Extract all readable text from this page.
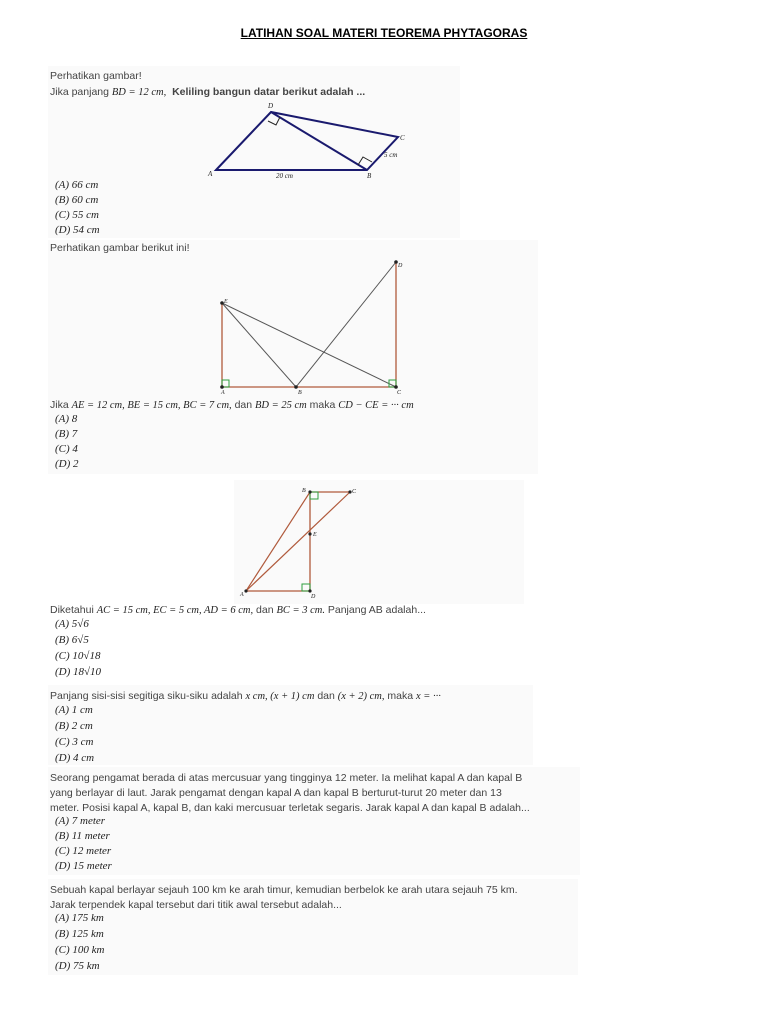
LATIHAN SOAL MATERI TEOREMA PHYTAGORAS
Perhatikan gambar!
Jika panjang BD = 12 cm, Keliling bangun datar berikut adalah ...
D
C
A	B
20 cm
5 cm
(A) 66 cm
(B) 60 cm
(C) 55 cm
(D) 54 cm
Perhatikan gambar berikut ini!
E
A	B	C
D
Jika AE = 12 cm, BE = 15 cm, BC = 7 cm, dan BD = 25 cm maka CD − CE = ··· cm
(A) 8
(B) 7
(C) 4
(D) 2
B	C
E
A	D
Diketahui AC = 15 cm, EC = 5 cm, AD = 6 cm, dan BC = 3 cm. Panjang AB adalah...
(A) 5√6
(B) 6√5
(C) 10√18
(D) 18√10
Panjang sisi-sisi segitiga siku-siku adalah x cm, (x + 1) cm dan (x + 2) cm, maka x = ···
(A) 1 cm
(B) 2 cm
(C) 3 cm
(D) 4 cm
Seorang pengamat berada di atas mercusuar yang tingginya 12 meter. Ia melihat kapal A dan kapal B
yang berlayar di laut. Jarak pengamat dengan kapal A dan kapal B berturut-turut 20 meter dan 13
meter. Posisi kapal A, kapal B, dan kaki mercusuar terletak segaris. Jarak kapal A dan kapal B adalah...
(A) 7 meter
(B) 11 meter
(C) 12 meter
(D) 15 meter
Sebuah kapal berlayar sejauh 100 km ke arah timur, kemudian berbelok ke arah utara sejauh 75 km.
Jarak terpendek kapal tersebut dari titik awal tersebut adalah...
(A) 175 km
(B) 125 km
(C) 100 km
(D) 75 km
